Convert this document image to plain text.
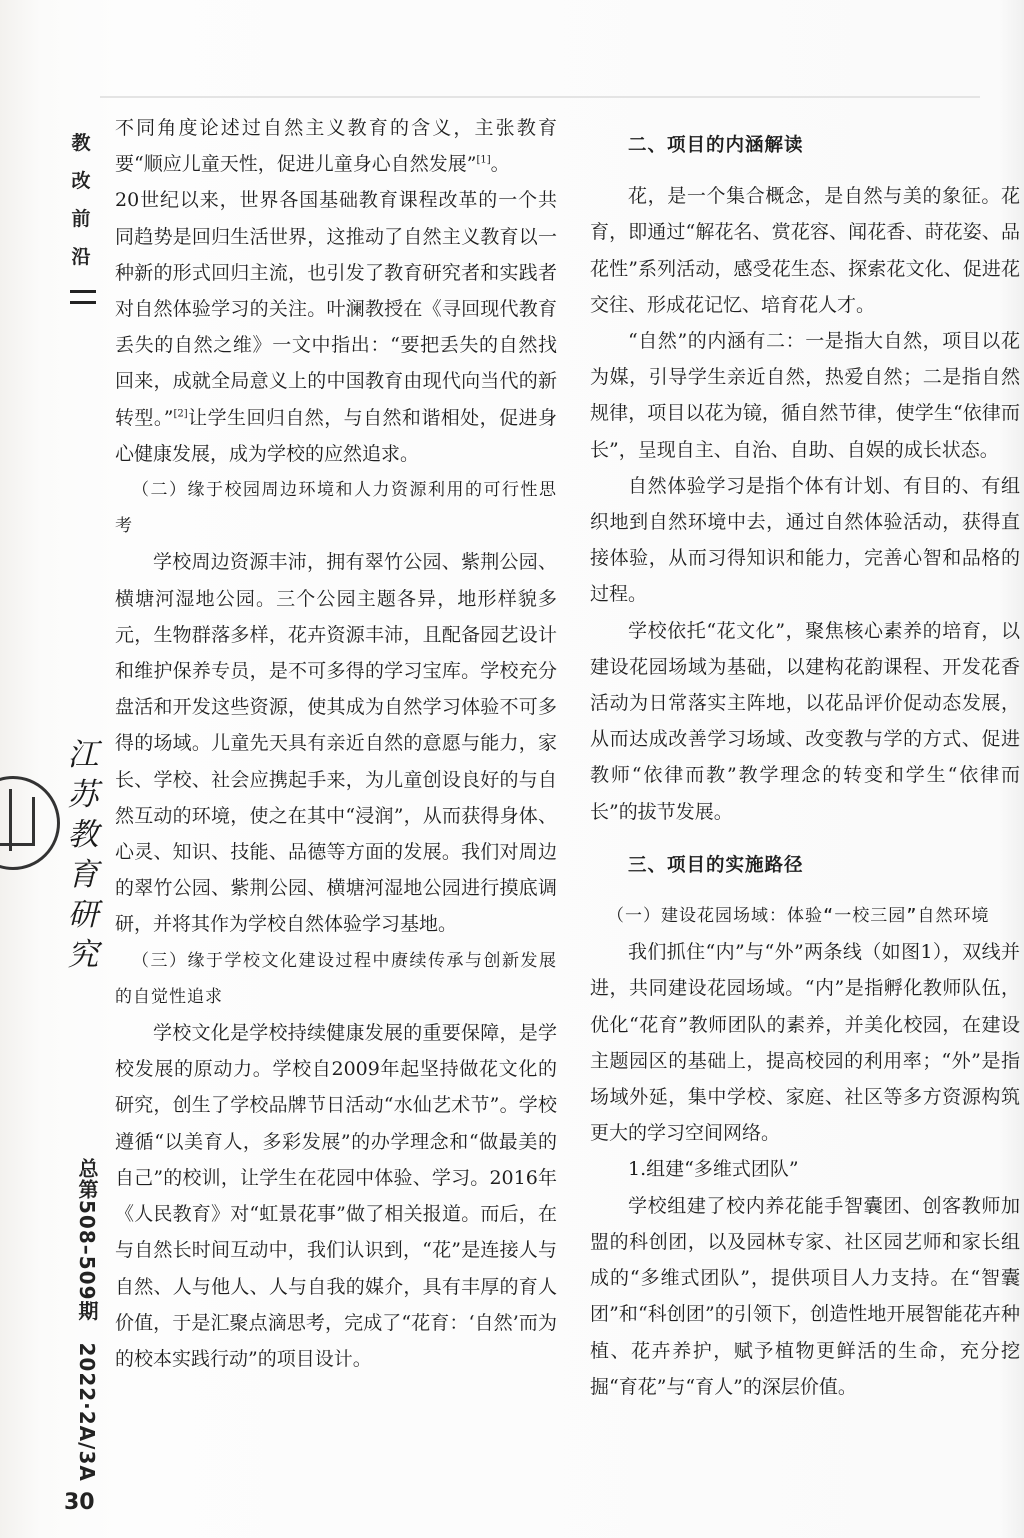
教
改
前
沿
江
苏
教
育
研
究
总第508–509期　2022·2A/3A
30

不同角度论述过自然主义教育的含义，主张教育要“顺应儿童天性，促进儿童身心自然发展”[1]。

20世纪以来，世界各国基础教育课程改革的一个共同趋势是回归生活世界，这推动了自然主义教育以一种新的形式回归主流，也引发了教育研究者和实践者对自然体验学习的关注。叶澜教授在《寻回现代教育丢失的自然之维》一文中指出：“要把丢失的自然找回来，成就全局意义上的中国教育由现代向当代的新转型。”[2]让学生回归自然，与自然和谐相处，促进身心健康发展，成为学校的应然追求。

（二）缘于校园周边环境和人力资源利用的可行性思考

学校周边资源丰沛，拥有翠竹公园、紫荆公园、横塘河湿地公园。三个公园主题各异，地形样貌多元，生物群落多样，花卉资源丰沛，且配备园艺设计和维护保养专员，是不可多得的学习宝库。学校充分盘活和开发这些资源，使其成为自然学习体验不可多得的场域。儿童先天具有亲近自然的意愿与能力，家长、学校、社会应携起手来，为儿童创设良好的与自然互动的环境，使之在其中“浸润”，从而获得身体、心灵、知识、技能、品德等方面的发展。我们对周边的翠竹公园、紫荆公园、横塘河湿地公园进行摸底调研，并将其作为学校自然体验学习基地。

（三）缘于学校文化建设过程中赓续传承与创新发展的自觉性追求

学校文化是学校持续健康发展的重要保障，是学校发展的原动力。学校自2009年起坚持做花文化的研究，创生了学校品牌节日活动“水仙艺术节”。学校遵循“以美育人，多彩发展”的办学理念和“做最美的自己”的校训，让学生在花园中体验、学习。2016年《人民教育》对“虹景花事”做了相关报道。而后，在与自然长时间互动中，我们认识到，“花”是连接人与自然、人与他人、人与自我的媒介，具有丰厚的育人价值，于是汇聚点滴思考，完成了“花育：‘自然’而为的校本实践行动”的项目设计。

二、项目的内涵解读

花，是一个集合概念，是自然与美的象征。花育，即通过“解花名、赏花容、闻花香、莳花姿、品花性”系列活动，感受花生态、探索花文化、促进花交往、形成花记忆、培育花人才。

“自然”的内涵有二：一是指大自然，项目以花为媒，引导学生亲近自然，热爱自然；二是指自然规律，项目以花为镜，循自然节律，使学生“依律而长”，呈现自主、自治、自助、自娱的成长状态。

自然体验学习是指个体有计划、有目的、有组织地到自然环境中去，通过自然体验活动，获得直接体验，从而习得知识和能力，完善心智和品格的过程。

学校依托“花文化”，聚焦核心素养的培育，以建设花园场域为基础，以建构花韵课程、开发花香活动为日常落实主阵地，以花品评价促动态发展，从而达成改善学习场域、改变教与学的方式、促进教师“依律而教”教学理念的转变和学生“依律而长”的拔节发展。

三、项目的实施路径

（一）建设花园场域：体验“一校三园”自然环境

我们抓住“内”与“外”两条线（如图1），双线并进，共同建设花园场域。“内”是指孵化教师队伍，优化“花育”教师团队的素养，并美化校园，在建设主题园区的基础上，提高校园的利用率；“外”是指场域外延，集中学校、家庭、社区等多方资源构筑更大的学习空间网络。

1.组建“多维式团队”

学校组建了校内养花能手智囊团、创客教师加盟的科创团，以及园林专家、社区园艺师和家长组成的“多维式团队”，提供项目人力支持。在“智囊团”和“科创团”的引领下，创造性地开展智能花卉种植、花卉养护，赋予植物更鲜活的生命，充分挖掘“育花”与“育人”的深层价值。
